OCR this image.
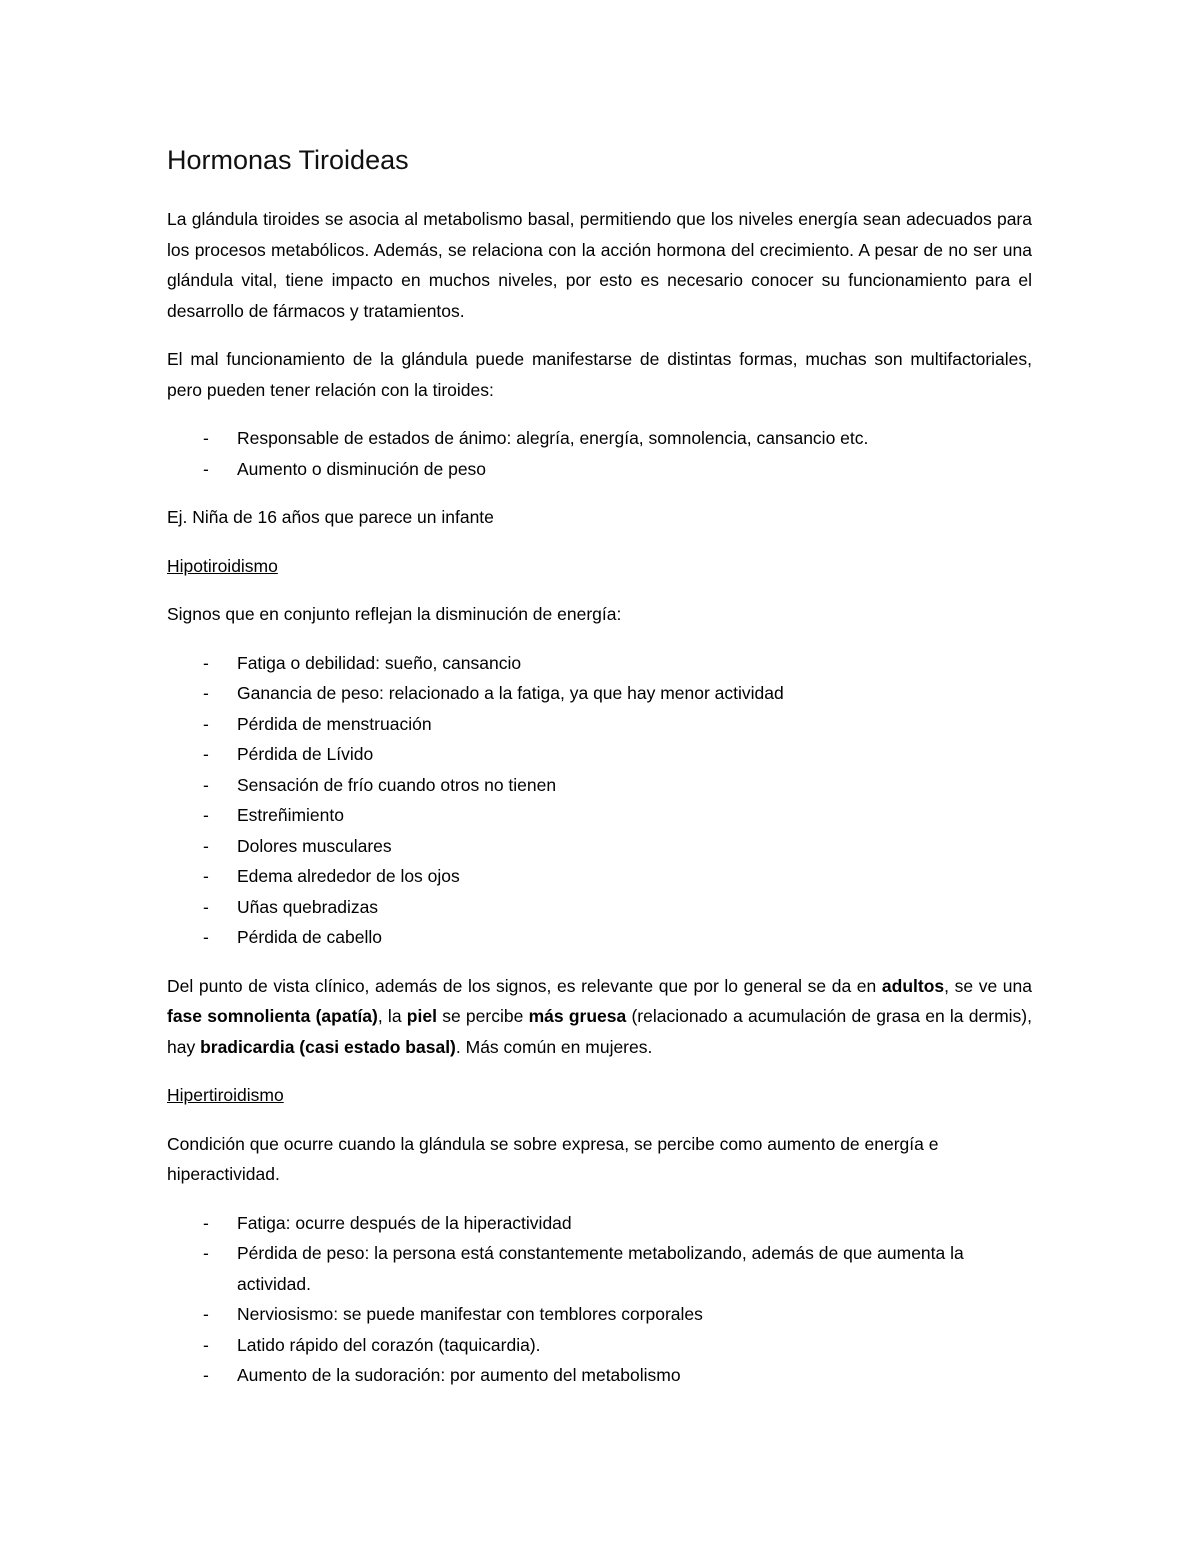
Hormonas Tiroideas

La glándula tiroides se asocia al metabolismo basal, permitiendo que los niveles energía sean adecuados para los procesos metabólicos. Además, se relaciona con la acción hormona del crecimiento. A pesar de no ser una glándula vital, tiene impacto en muchos niveles, por esto es necesario conocer su funcionamiento para el desarrollo de fármacos y tratamientos.

El mal funcionamiento de la glándula puede manifestarse de distintas formas, muchas son multifactoriales, pero pueden tener relación con la tiroides:

- Responsable de estados de ánimo: alegría, energía, somnolencia, cansancio etc.
- Aumento o disminución de peso

Ej. Niña de 16 años que parece un infante

Hipotiroidismo

Signos que en conjunto reflejan la disminución de energía:

- Fatiga o debilidad: sueño, cansancio
- Ganancia de peso: relacionado a la fatiga, ya que hay menor actividad
- Pérdida de menstruación
- Pérdida de Lívido
- Sensación de frío cuando otros no tienen
- Estreñimiento
- Dolores musculares
- Edema alrededor de los ojos
- Uñas quebradizas
- Pérdida de cabello

Del punto de vista clínico, además de los signos, es relevante que por lo general se da en adultos, se ve una fase somnolienta (apatía), la piel se percibe más gruesa (relacionado a acumulación de grasa en la dermis), hay bradicardia (casi estado basal). Más común en mujeres.

Hipertiroidismo

Condición que ocurre cuando la glándula se sobre expresa, se percibe como aumento de energía e hiperactividad.

- Fatiga: ocurre después de la hiperactividad
- Pérdida de peso: la persona está constantemente metabolizando, además de que aumenta la actividad.
- Nerviosismo: se puede manifestar con temblores corporales
- Latido rápido del corazón (taquicardia).
- Aumento de la sudoración: por aumento del metabolismo
